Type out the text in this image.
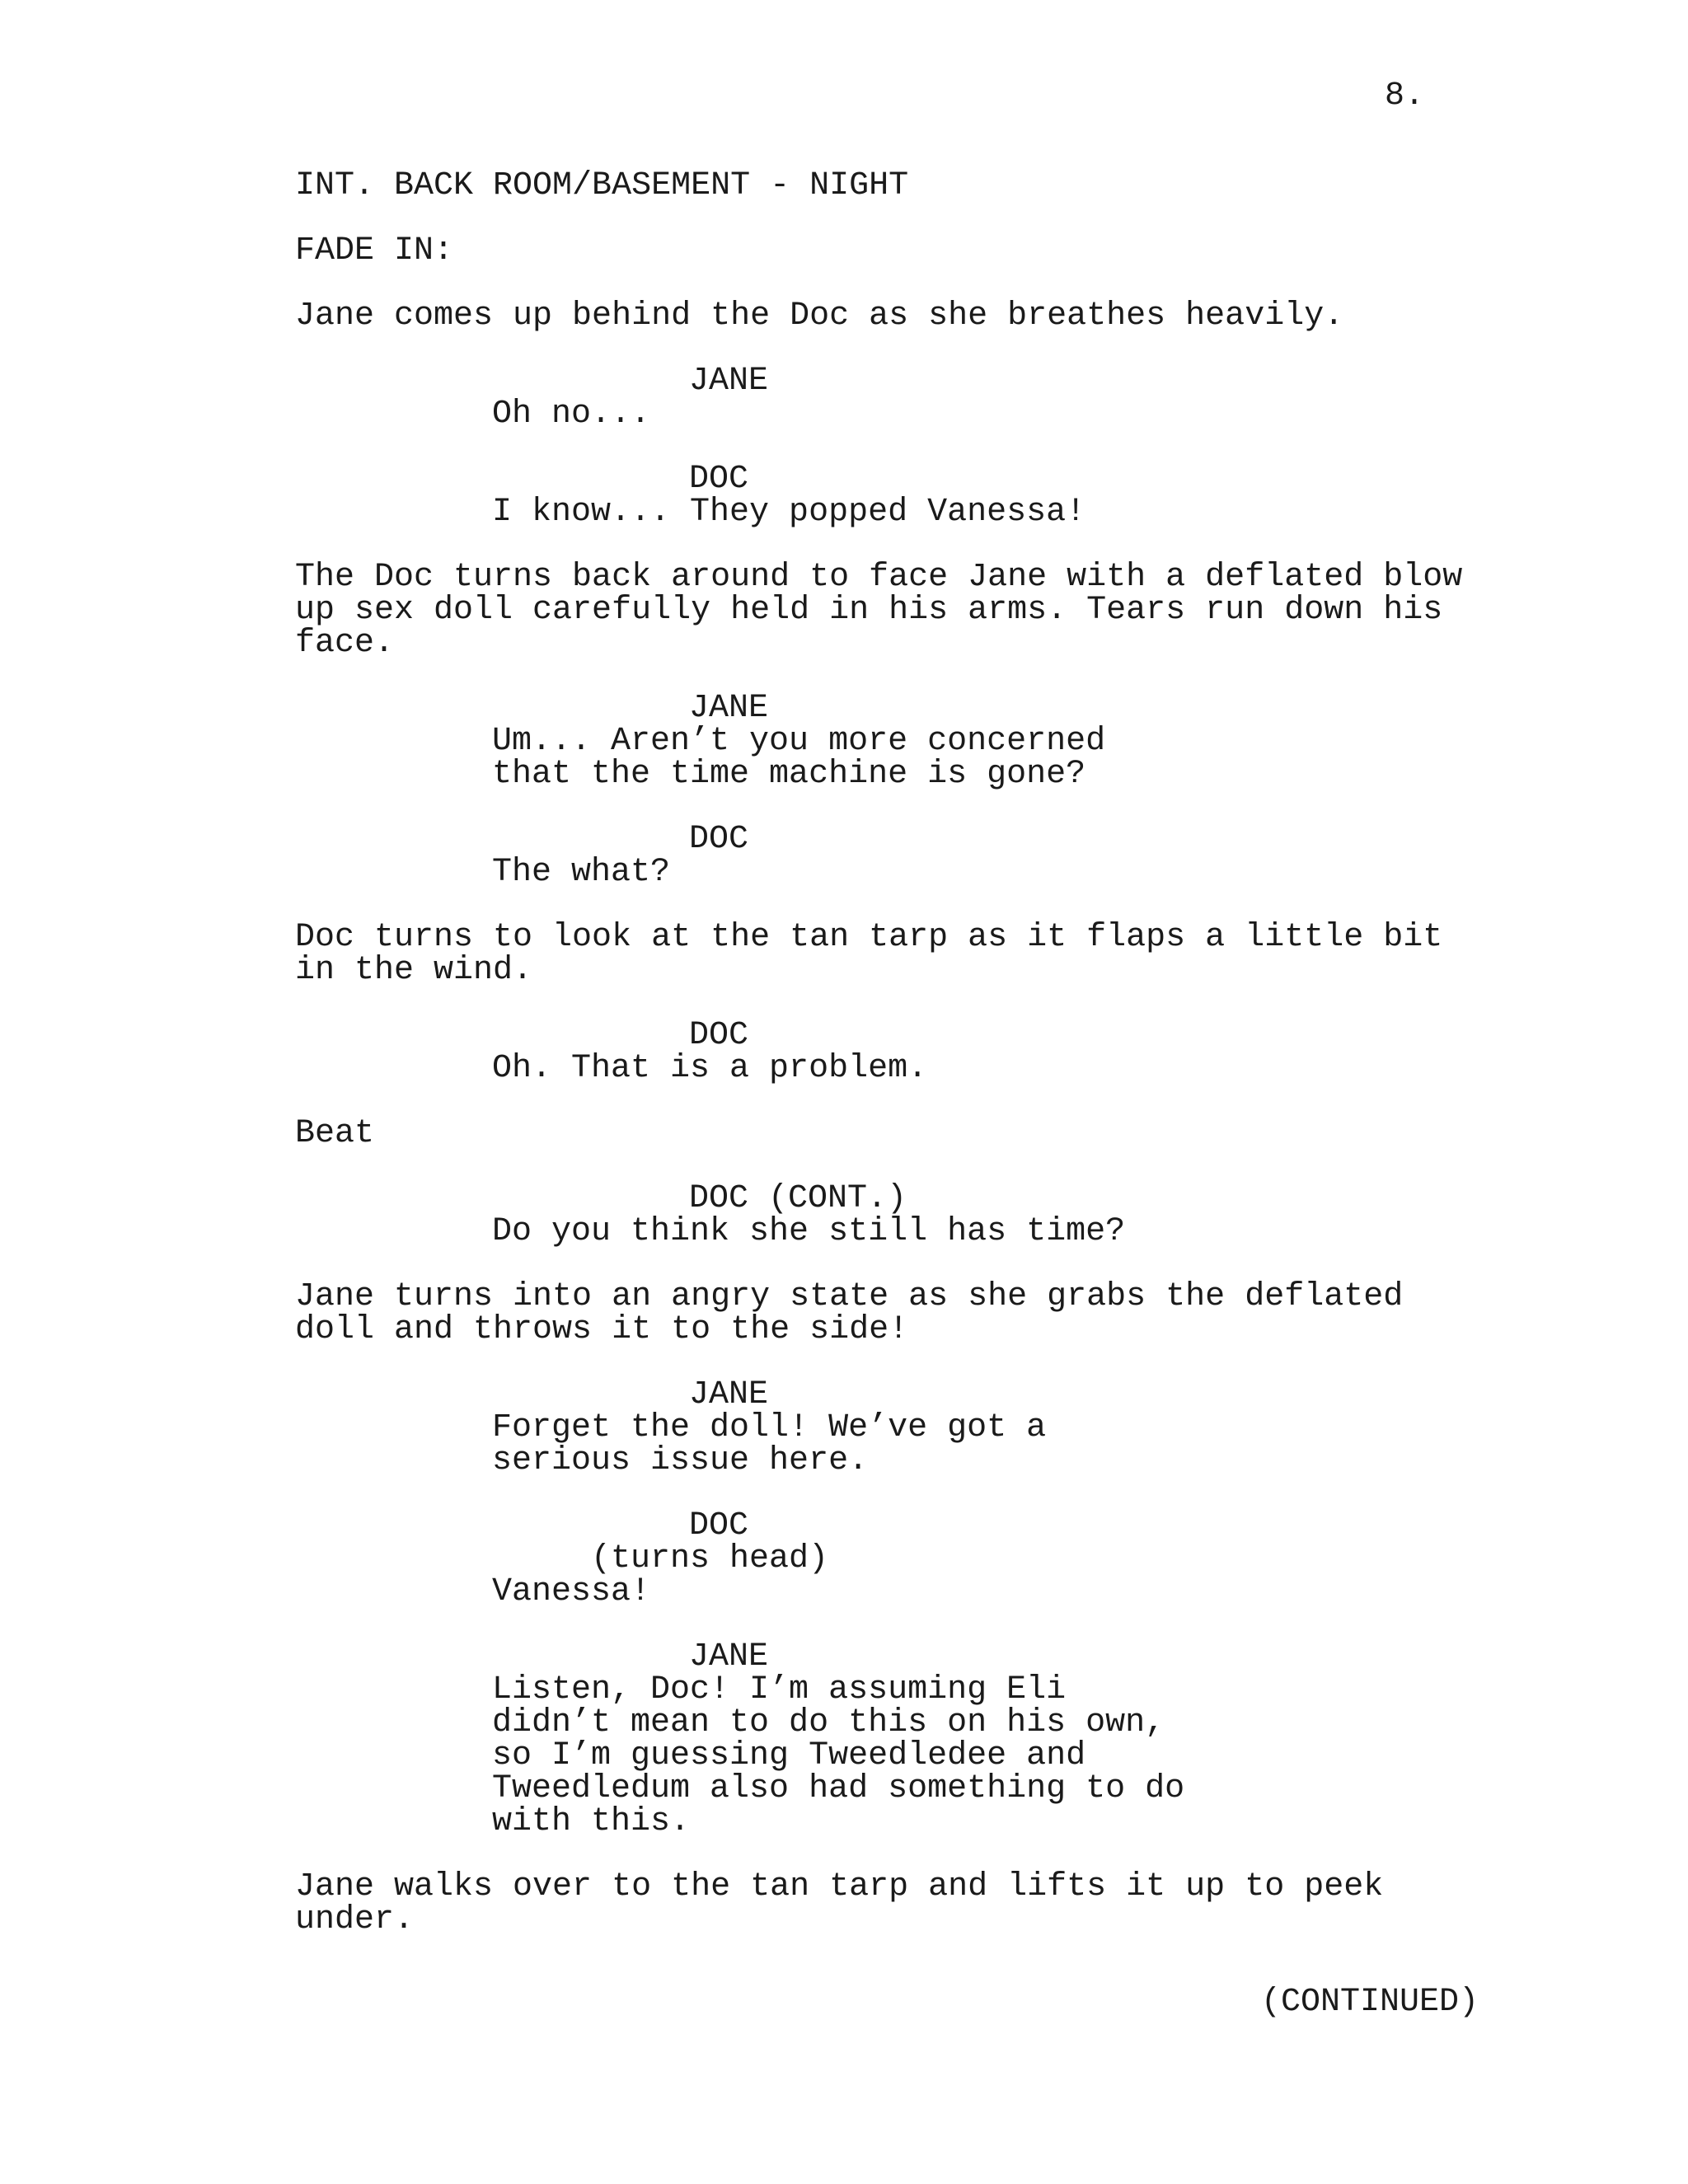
8.
INT. BACK ROOM/BASEMENT - NIGHT
FADE IN:
Jane comes up behind the Doc as she breathes heavily.
JANE
Oh no...
DOC
I know... They popped Vanessa!
The Doc turns back around to face Jane with a deflated blow
up sex doll carefully held in his arms. Tears run down his
face.
JANE
Um... Aren’t you more concerned
that the time machine is gone?
DOC
The what?
Doc turns to look at the tan tarp as it flaps a little bit
in the wind.
DOC
Oh. That is a problem.
Beat
DOC (CONT.)
Do you think she still has time?
Jane turns into an angry state as she grabs the deflated
doll and throws it to the side!
JANE
Forget the doll! We’ve got a
serious issue here.
DOC
(turns head)
Vanessa!
JANE
Listen, Doc! I’m assuming Eli
didn’t mean to do this on his own,
so I’m guessing Tweedledee and
Tweedledum also had something to do
with this.
Jane walks over to the tan tarp and lifts it up to peek
under.
(CONTINUED)
